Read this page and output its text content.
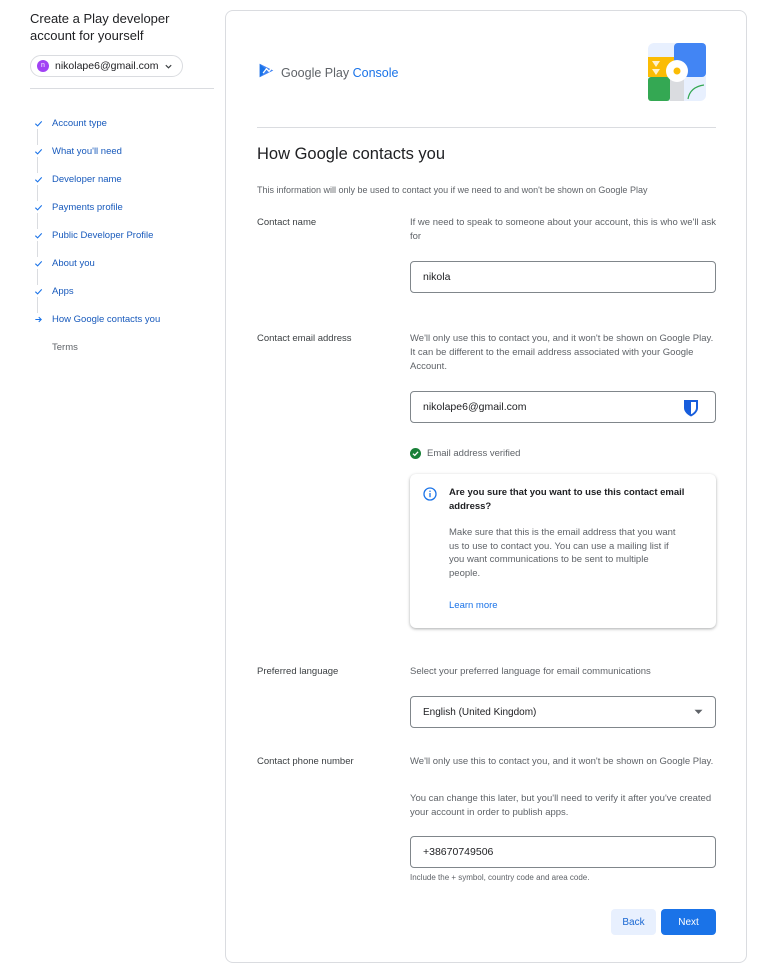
Create a Play developer account for yourself
n nikolape6@gmail.com
Account type
What you'll need
Developer name
Payments profile
Public Developer Profile
About you
Apps
How Google contacts you
Terms
Google Play Console
How Google contacts you
This information will only be used to contact you if we need to and won't be shown on Google Play
Contact name	If we need to speak to someone about your account, this is who we'll ask for
nikola
Contact email address	We'll only use this to contact you, and it won't be shown on Google Play. It can be different to the email address associated with your Google Account.
nikolape6@gmail.com
Email address verified
Are you sure that you want to use this contact email address?
Make sure that this is the email address that you want us to use to contact you. You can use a mailing list if you want communications to be sent to multiple people.
Learn more
Preferred language	Select your preferred language for email communications
English (United Kingdom)
Contact phone number	We'll only use this to contact you, and it won't be shown on Google Play.
You can change this later, but you'll need to verify it after you've created your account in order to publish apps.
+38670749506
Include the + symbol, country code and area code.
Back	Next
